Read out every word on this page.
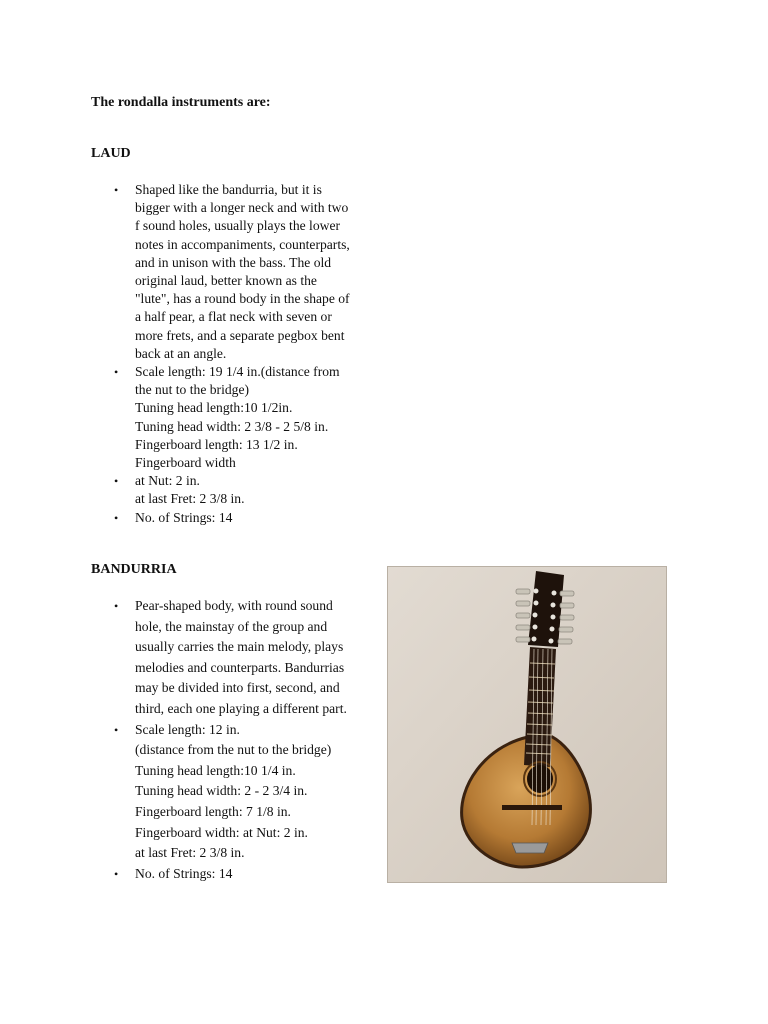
The rondalla instruments are:
LAUD
• Shaped like the bandurria, but it is
bigger with a longer neck and with two
f sound holes, usually plays the lower
notes in accompaniments, counterparts,
and in unison with the bass. The old
original laud, better known as the
"lute", has a round body in the shape of
a half pear, a flat neck with seven or
more frets, and a separate pegbox bent
back at an angle.
• Scale length: 19 1/4 in.(distance from
the nut to the bridge)
Tuning head length:10 1/2in.
Tuning head width: 2 3/8 - 2 5/8 in.
Fingerboard length: 13 1/2 in.
Fingerboard width
• at Nut: 2 in.
at last Fret: 2 3/8 in.
• No. of Strings: 14
BANDURRIA
• Pear-shaped body, with round sound
hole, the mainstay of the group and
usually carries the main melody, plays
melodies and counterparts. Bandurrias
may be divided into first, second, and
third, each one playing a different part.
• Scale length: 12 in.
(distance from the nut to the bridge)
Tuning head length:10 1/4 in.
Tuning head width: 2 - 2 3/4 in.
Fingerboard length: 7 1/8 in.
Fingerboard width: at Nut: 2 in.
at last Fret: 2 3/8 in.
• No. of Strings: 14
